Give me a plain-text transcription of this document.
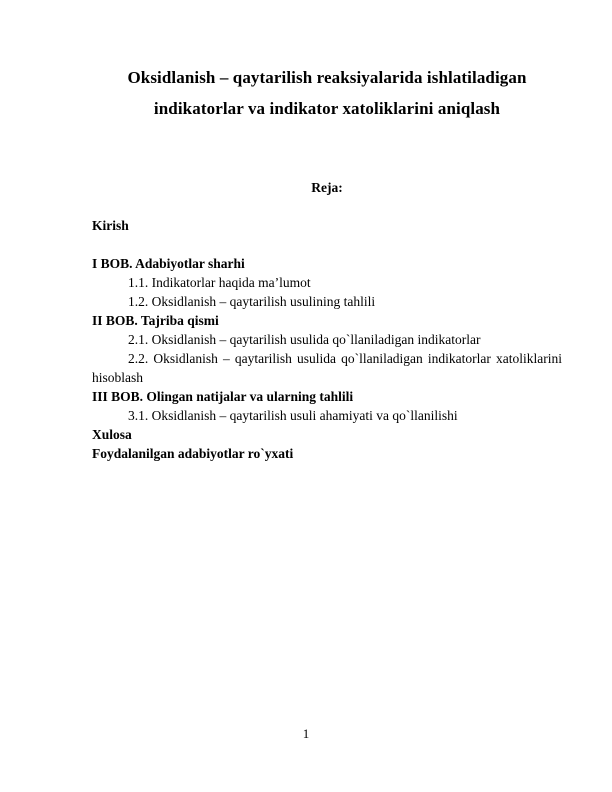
Oksidlanish – qaytarilish reaksiyalarida ishlatiladigan
indikatorlar va indikator xatoliklarini aniqlash
Reja:
Kirish
I BOB. Adabiyotlar sharhi
1.1. Indikatorlar haqida ma’lumot
1.2. Oksidlanish – qaytarilish usulining tahlili
II BOB. Tajriba qismi
2.1. Oksidlanish – qaytarilish usulida qo`llaniladigan indikatorlar
2.2. Oksidlanish – qaytarilish usulida qo`llaniladigan indikatorlar xatoliklarini hisoblash
III BOB. Olingan natijalar va ularning tahlili
3.1. Oksidlanish – qaytarilish usuli ahamiyati va qo`llanilishi
Xulosa
Foydalanilgan adabiyotlar ro`yxati
1
